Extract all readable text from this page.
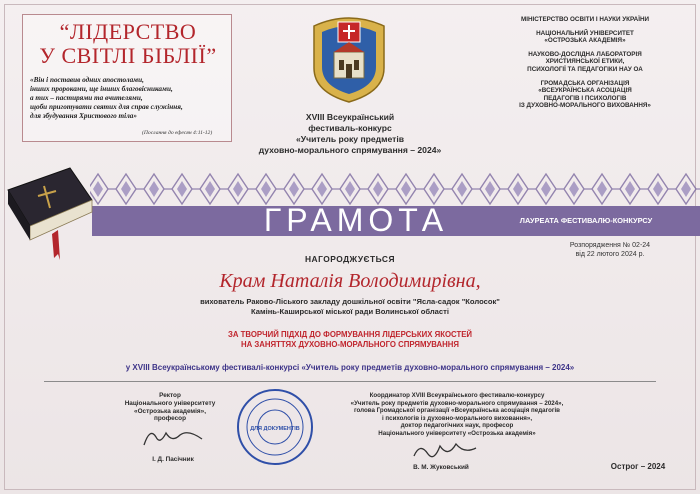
“ЛІДЕРСТВО
У СВІТЛІ БІБЛІЇ”
«Він і поставив одних апостолами,
інших пророками, ще інших благовісниками,
а тих – пастирями та вчителями,
щоби приготувати святих для справ служіння,
для збудування Христового тіла»
(Послання до ефесян 4:11-12)
XVIII Всеукраїнський
фестиваль-конкурс
«Учитель року предметів
духовно-морального спрямування – 2024»

МІНІСТЕРСТВО ОСВІТИ І НАУКИ УКРАЇНИ

НАЦІОНАЛЬНИЙ УНІВЕРСИТЕТ
«ОСТРОЗЬКА АКАДЕМІЯ»

НАУКОВО-ДОСЛІДНА ЛАБОРАТОРІЯ
ХРИСТИЯНСЬКОЇ ЕТИКИ,
ПСИХОЛОГІЇ ТА ПЕДАГОГІКИ НАУ ОА

ГРОМАДСЬКА ОРГАНІЗАЦІЯ
«ВСЕУКРАЇНСЬКА АСОЦІАЦІЯ
ПЕДАГОГІВ І ПСИХОЛОГІВ
ІЗ ДУХОВНО-МОРАЛЬНОГО ВИХОВАННЯ»

ГРАМОТА	ЛАУРЕАТА ФЕСТИВАЛЮ-КОНКУРСУ
Розпорядження № 02-24
від 22 лютого 2024 р.
НАГОРОДЖУЄТЬСЯ
Крам Наталія Володимирівна,
вихователь Раково-Ліського закладу дошкільної освіти "Ясла-садок "Колосок"
Камінь-Каширської міської ради Волинської області
ЗА ТВОРЧИЙ ПІДХІД ДО ФОРМУВАННЯ ЛІДЕРСЬКИХ ЯКОСТЕЙ
НА ЗАНЯТТЯХ ДУХОВНО-МОРАЛЬНОГО СПРЯМУВАННЯ
у XVIII Всеукраїнському фестивалі-конкурсі «Учитель року предметів духовно-морального спрямування – 2024»
Ректор
Національного університету
«Острозька академія»,
професор
І. Д. Пасічник
ДЛЯ ДОКУМЕНТІВ
Координатор XVIII Всеукраїнського фестивалю-конкурсу
«Учитель року предметів духовно-морального спрямування – 2024»,
голова Громадської організації «Всеукраїнська асоціація педагогів
і психологів із духовно-морального виховання»,
доктор педагогічних наук, професор
Національного університету «Острозька академія»
В. М. Жуковський	Острог – 2024
